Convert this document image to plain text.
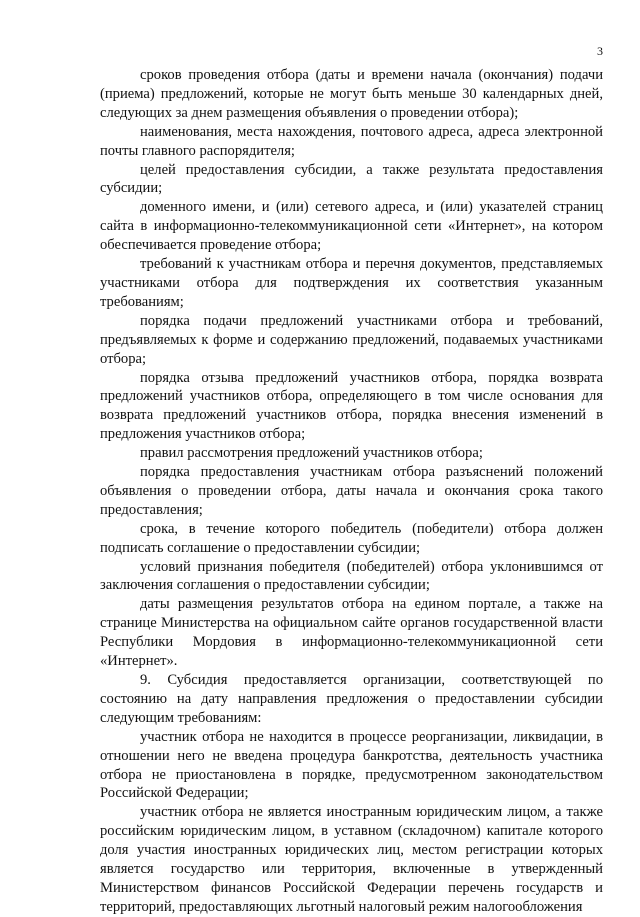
3

сроков проведения отбора (даты и времени начала (окончания) подачи (приема) предложений, которые не могут быть меньше 30 календарных дней, следующих за днем размещения объявления о проведении отбора);

наименования, места нахождения, почтового адреса, адреса электронной почты главного распорядителя;

целей предоставления субсидии, а также результата предоставления субсидии;

доменного имени, и (или) сетевого адреса, и (или) указателей страниц сайта в информационно-телекоммуникационной сети «Интернет», на котором обеспечивается проведение отбора;

требований к участникам отбора и перечня документов, представляемых участниками отбора для подтверждения их соответствия указанным требованиям;

порядка подачи предложений участниками отбора и требований, предъявляемых к форме и содержанию предложений, подаваемых участниками отбора;

порядка отзыва предложений участников отбора, порядка возврата предложений участников отбора, определяющего в том числе основания для возврата предложений участников отбора, порядка внесения изменений в предложения участников отбора;

правил рассмотрения предложений участников отбора;

порядка предоставления участникам отбора разъяснений положений объявления о проведении отбора, даты начала и окончания срока такого предоставления;

срока, в течение которого победитель (победители) отбора должен подписать соглашение о предоставлении субсидии;

условий признания победителя (победителей) отбора уклонившимся от заключения соглашения о предоставлении субсидии;

даты размещения результатов отбора на едином портале, а также на странице Министерства на официальном сайте органов государственной власти Республики Мордовия в информационно-телекоммуникационной сети «Интернет».

9. Субсидия предоставляется организации, соответствующей по состоянию на дату направления предложения о предоставлении субсидии следующим требованиям:

участник отбора не находится в процессе реорганизации, ликвидации, в отношении него не введена процедура банкротства, деятельность участника отбора не приостановлена в порядке, предусмотренном законодательством Российской Федерации;

участник отбора не является иностранным юридическим лицом, а также российским юридическим лицом, в уставном (складочном) капитале которого доля участия иностранных юридических лиц, местом регистрации которых является государство или территория, включенные в утвержденный Министерством финансов Российской Федерации перечень государств и территорий, предоставляющих льготный налоговый режим налогообложения
